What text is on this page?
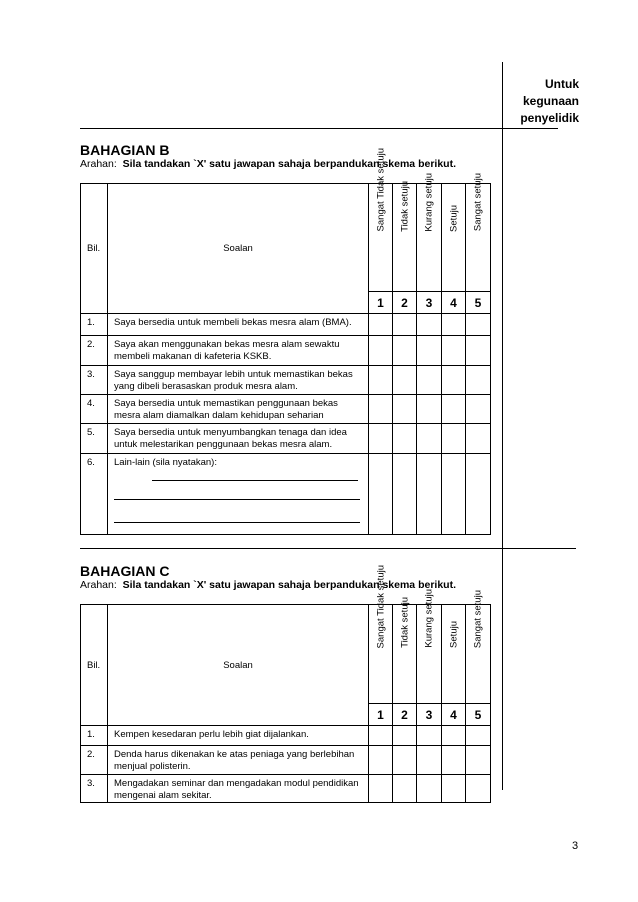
Untuk
kegunaan
penyelidik
BAHAGIAN B
Arahan: Sila tandakan `X' satu jawapan sahaja berpandukan skema berikut.
Bil.	Soalan	Sangat Tidak setuju	Tidak setuju	Kurang setuju	Setuju	Sangat setuju

		1	2	3	4	5
1.	Saya bersedia untuk membeli bekas mesra alam (BMA).					
2.	Saya akan menggunakan bekas mesra alam sewaktu membeli makanan di kafeteria KSKB.					
3.	Saya sanggup membayar lebih untuk memastikan bekas yang dibeli berasaskan produk mesra alam.					
4.	Saya bersedia untuk memastikan penggunaan bekas mesra alam diamalkan dalam kehidupan seharian					
5.	Saya bersedia untuk menyumbangkan tenaga dan idea untuk melestarikan penggunaan bekas mesra alam.					
6.	Lain-lain (sila nyatakan):					

BAHAGIAN C
Arahan: Sila tandakan `X' satu jawapan sahaja berpandukan skema berikut.
Bil.	Soalan	Sangat Tidak setuju	Tidak setuju	Kurang setuju	Setuju	Sangat setuju

		1	2	3	4	5
1.	Kempen kesedaran perlu lebih giat dijalankan.					
2.	Denda harus dikenakan ke atas peniaga yang berlebihan menjual polisterin.					
3.	Mengadakan seminar dan mengadakan modul pendidikan mengenai alam sekitar.					
3
